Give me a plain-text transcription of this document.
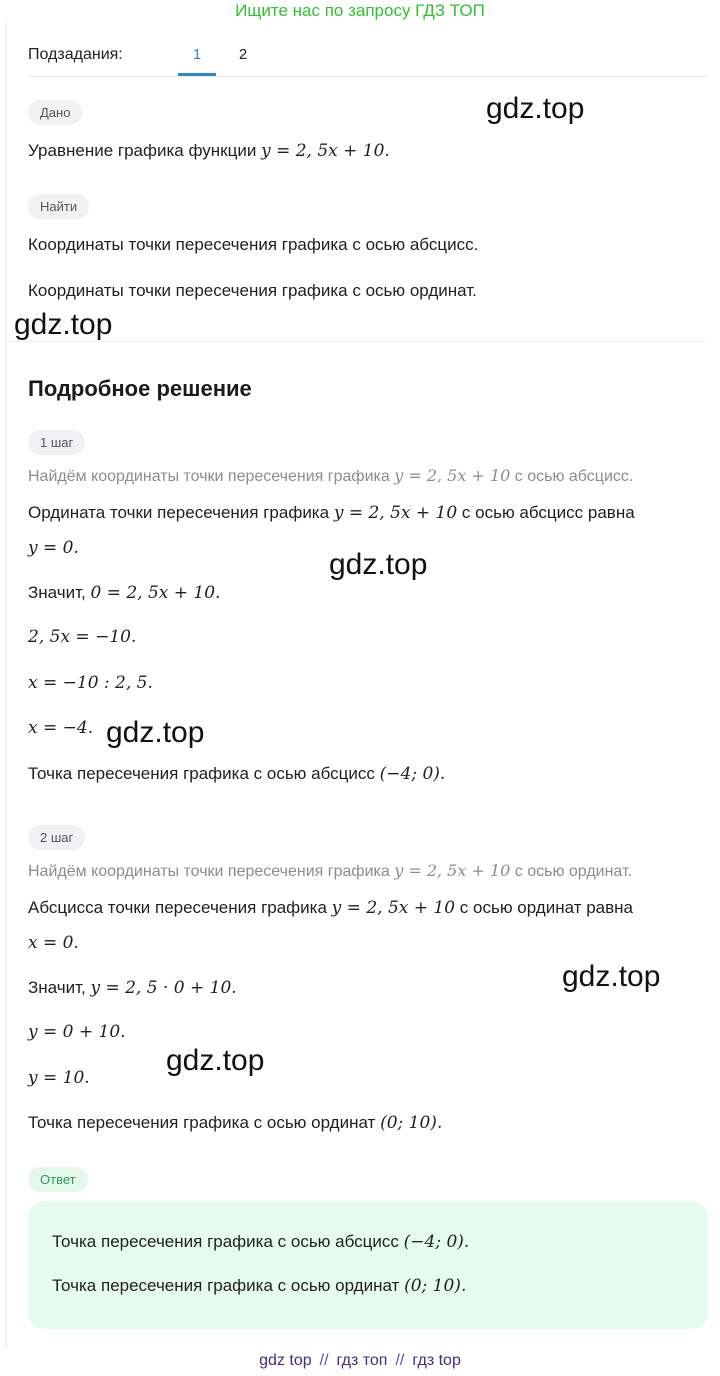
Ищите нас по запросу ГДЗ ТОП
Подзадания:	1	2
Дано
Уравнение графика функции y = 2, 5x + 10.
Найти
Координаты точки пересечения графика с осью абсцисс.
Координаты точки пересечения графика с осью ординат.
Подробное решение
1 шаг
Найдём координаты точки пересечения графика y = 2, 5x + 10 с осью абсцисс.
Ордината точки пересечения графика y = 2, 5x + 10 с осью абсцисс равна
y = 0.
Значит, 0 = 2, 5x + 10.
2, 5x = −10.
x = −10 : 2, 5.
x = −4.
Точка пересечения графика с осью абсцисс (−4; 0).
2 шаг
Найдём координаты точки пересечения графика y = 2, 5x + 10 с осью ординат.
Абсцисса точки пересечения графика y = 2, 5x + 10 с осью ординат равна
x = 0.
Значит, y = 2, 5 · 0 + 10.
y = 0 + 10.
y = 10.
Точка пересечения графика с осью ординат (0; 10).
Ответ
Точка пересечения графика с осью абсцисс (−4; 0).
Точка пересечения графика с осью ординат (0; 10).
gdz.top
gdz.top
gdz.top
gdz.top
gdz.top
gdz.top
gdz top // гдз топ // гдз top
